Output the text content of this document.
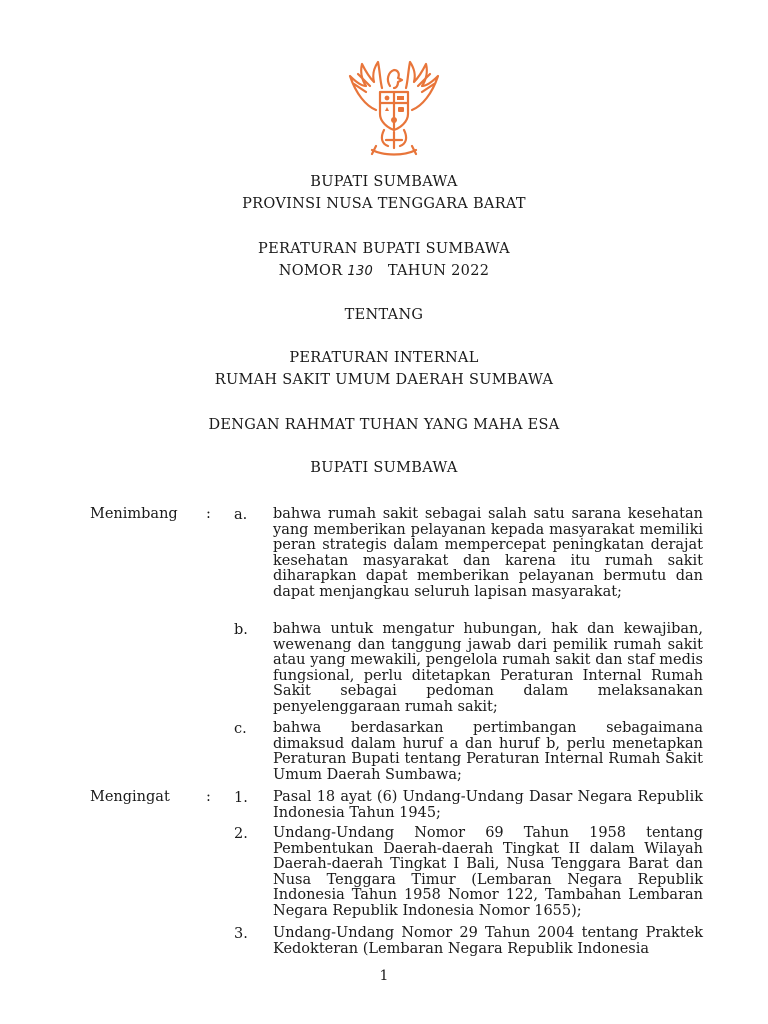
BUPATI SUMBAWA
PROVINSI NUSA TENGGARA BARAT
PERATURAN BUPATI SUMBAWA
NOMOR 130 TAHUN 2022
TENTANG
PERATURAN INTERNAL
RUMAH SAKIT UMUM DAERAH SUMBAWA
DENGAN RAHMAT TUHAN YANG MAHA ESA
BUPATI SUMBAWA
Menimbang : a. bahwa rumah sakit sebagai salah satu sarana kesehatan yang memberikan pelayanan kepada masyarakat memiliki peran strategis dalam mempercepat peningkatan derajat kesehatan masyarakat dan karena itu rumah sakit diharapkan dapat memberikan pelayanan bermutu dan dapat menjangkau seluruh lapisan masyarakat;
b. bahwa untuk mengatur hubungan, hak dan kewajiban, wewenang dan tanggung jawab dari pemilik rumah sakit atau yang mewakili, pengelola rumah sakit dan staf medis fungsional, perlu ditetapkan Peraturan Internal Rumah Sakit sebagai pedoman dalam melaksanakan penyelenggaraan rumah sakit;
c. bahwa berdasarkan pertimbangan sebagaimana dimaksud dalam huruf a dan huruf b, perlu menetapkan Peraturan Bupati tentang Peraturan Internal Rumah Sakit Umum Daerah Sumbawa;
Mengingat : 1. Pasal 18 ayat (6) Undang-Undang Dasar Negara Republik Indonesia Tahun 1945;
2. Undang-Undang Nomor 69 Tahun 1958 tentang Pembentukan Daerah-daerah Tingkat II dalam Wilayah Daerah-daerah Tingkat I Bali, Nusa Tenggara Barat dan Nusa Tenggara Timur (Lembaran Negara Republik Indonesia Tahun 1958 Nomor 122, Tambahan Lembaran Negara Republik Indonesia Nomor 1655);
3. Undang-Undang Nomor 29 Tahun 2004 tentang Praktek Kedokteran (Lembaran Negara Republik Indonesia
1
